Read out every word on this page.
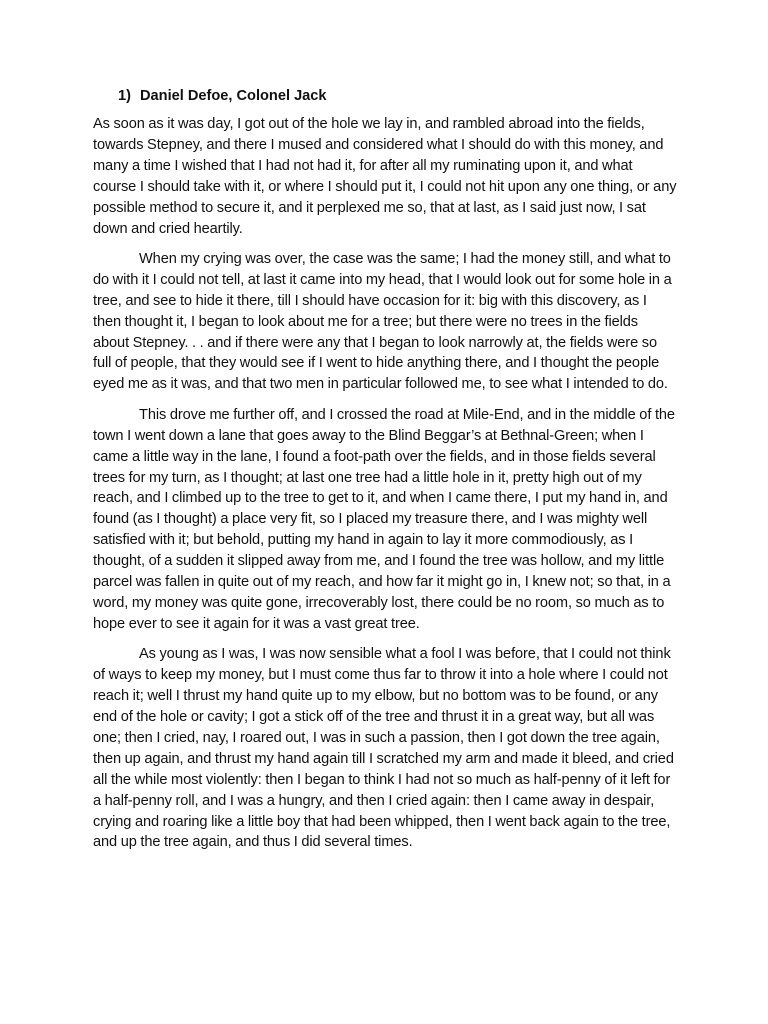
1) Daniel Defoe, Colonel Jack

As soon as it was day, I got out of the hole we lay in, and rambled abroad into the fields, towards Stepney, and there I mused and considered what I should do with this money, and many a time I wished that I had not had it, for after all my ruminating upon it, and what course I should take with it, or where I should put it, I could not hit upon any one thing, or any possible method to secure it, and it perplexed me so, that at last, as I said just now, I sat down and cried heartily.

When my crying was over, the case was the same; I had the money still, and what to do with it I could not tell, at last it came into my head, that I would look out for some hole in a tree, and see to hide it there, till I should have occasion for it: big with this discovery, as I then thought it, I began to look about me for a tree; but there were no trees in the fields about Stepney. . . and if there were any that I began to look narrowly at, the fields were so full of people, that they would see if I went to hide anything there, and I thought the people eyed me as it was, and that two men in particular followed me, to see what I intended to do.

This drove me further off, and I crossed the road at Mile-End, and in the middle of the town I went down a lane that goes away to the Blind Beggar’s at Bethnal-Green; when I came a little way in the lane, I found a foot-path over the fields, and in those fields several trees for my turn, as I thought; at last one tree had a little hole in it, pretty high out of my reach, and I climbed up to the tree to get to it, and when I came there, I put my hand in, and found (as I thought) a place very fit, so I placed my treasure there, and I was mighty well satisfied with it; but behold, putting my hand in again to lay it more commodiously, as I thought, of a sudden it slipped away from me, and I found the tree was hollow, and my little parcel was fallen in quite out of my reach, and how far it might go in, I knew not; so that, in a word, my money was quite gone, irrecoverably lost, there could be no room, so much as to hope ever to see it again for it was a vast great tree.

As young as I was, I was now sensible what a fool I was before, that I could not think of ways to keep my money, but I must come thus far to throw it into a hole where I could not reach it; well I thrust my hand quite up to my elbow, but no bottom was to be found, or any end of the hole or cavity; I got a stick off of the tree and thrust it in a great way, but all was one; then I cried, nay, I roared out, I was in such a passion, then I got down the tree again, then up again, and thrust my hand again till I scratched my arm and made it bleed, and cried all the while most violently: then I began to think I had not so much as half-penny of it left for a half-penny roll, and I was a hungry, and then I cried again: then I came away in despair, crying and roaring like a little boy that had been whipped, then I went back again to the tree, and up the tree again, and thus I did several times.
